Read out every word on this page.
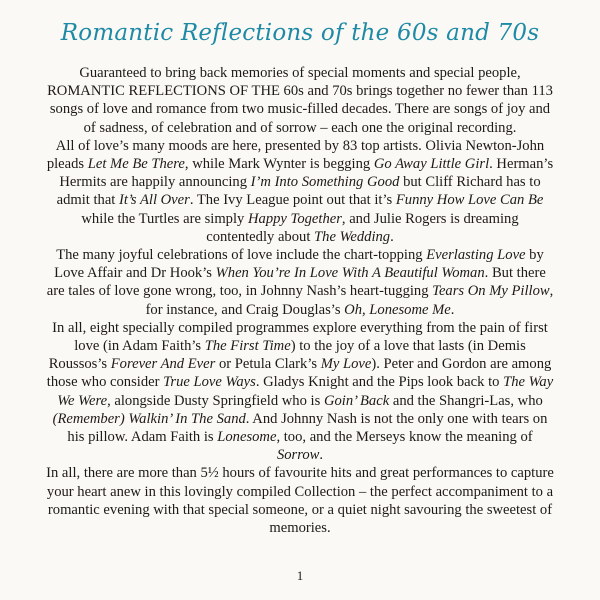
Romantic Reflections of the 60s and 70s

Guaranteed to bring back memories of special moments and special people, ROMANTIC REFLECTIONS OF THE 60s and 70s brings together no fewer than 113 songs of love and romance from two music-filled decades. There are songs of joy and of sadness, of celebration and of sorrow – each one the original recording.

All of love’s many moods are here, presented by 83 top artists. Olivia Newton-John pleads Let Me Be There, while Mark Wynter is begging Go Away Little Girl. Herman’s Hermits are happily announcing I’m Into Something Good but Cliff Richard has to admit that It’s All Over. The Ivy League point out that it’s Funny How Love Can Be while the Turtles are simply Happy Together, and Julie Rogers is dreaming contentedly about The Wedding.

The many joyful celebrations of love include the chart-topping Everlasting Love by Love Affair and Dr Hook’s When You’re In Love With A Beautiful Woman. But there are tales of love gone wrong, too, in Johnny Nash’s heart-tugging Tears On My Pillow, for instance, and Craig Douglas’s Oh, Lonesome Me.

In all, eight specially compiled programmes explore everything from the pain of first love (in Adam Faith’s The First Time) to the joy of a love that lasts (in Demis Roussos’s Forever And Ever or Petula Clark’s My Love). Peter and Gordon are among those who consider True Love Ways. Gladys Knight and the Pips look back to The Way We Were, alongside Dusty Springfield who is Goin’ Back and the Shangri-Las, who (Remember) Walkin’ In The Sand. And Johnny Nash is not the only one with tears on his pillow. Adam Faith is Lonesome, too, and the Merseys know the meaning of Sorrow.

In all, there are more than 5½ hours of favourite hits and great performances to capture your heart anew in this lovingly compiled Collection – the perfect accompaniment to a romantic evening with that special someone, or a quiet night savouring the sweetest of memories.

1
